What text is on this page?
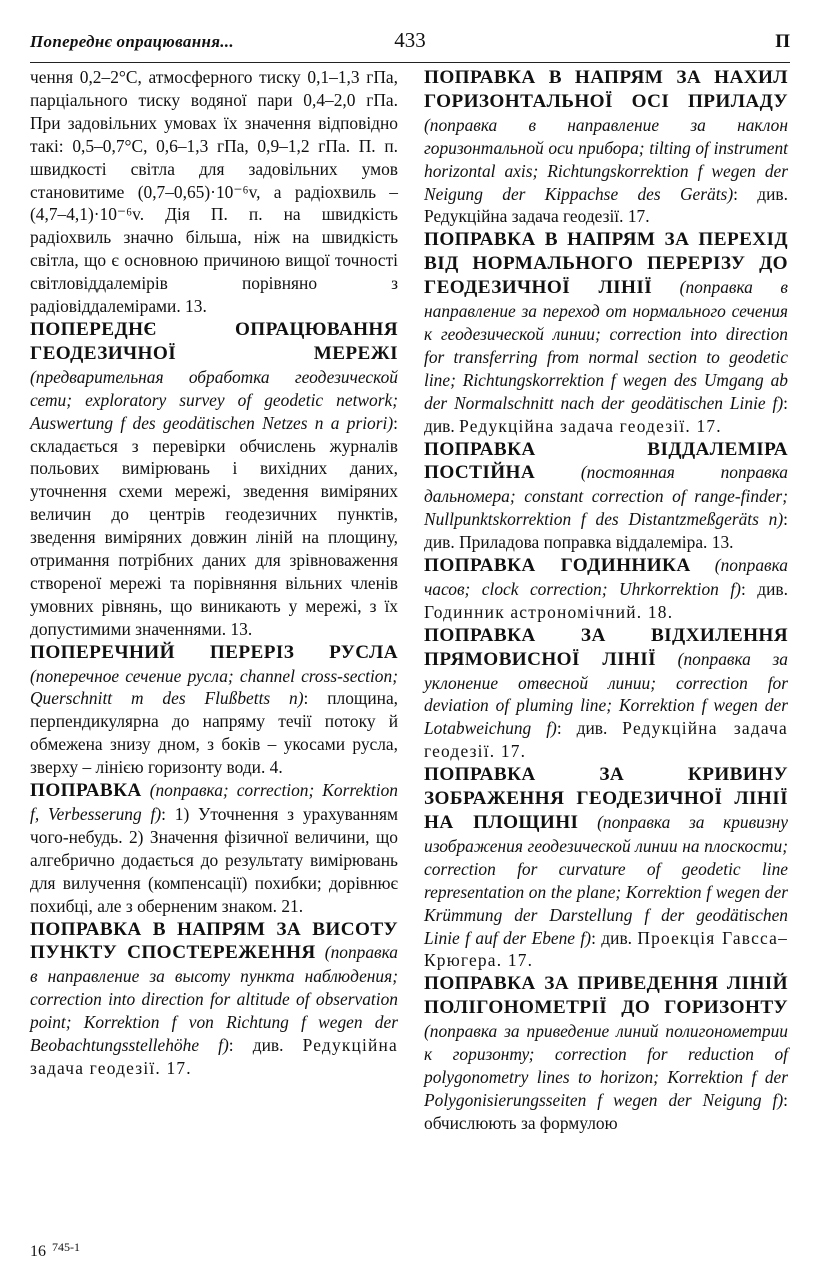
Попереднє опрацювання...	433	П

чення 0,2–2°С, атмосферного тиску 0,1–1,3 гПа, парціального тиску водяної пари 0,4–2,0 гПа. При задовільних умовах їх значення відповідно такі: 0,5–0,7°С, 0,6–1,3 гПа, 0,9–1,2 гПа. П. п. швидкості світла для задовільних умов становитиме (0,7–0,65)·10⁻⁶v, а радіохвиль – (4,7–4,1)·10⁻⁶v. Дія П. п. на швидкість радіохвиль значно більша, ніж на швидкість світла, що є основною причиною вищої точності світловіддалемірів порівняно з радіовіддалемірами. 13.

ПОПЕРЕДНЄ ОПРАЦЮВАННЯ ГЕОДЕЗИЧНОЇ МЕРЕЖІ (предварительная обработка геодезической сети; exploratory survey of geodetic network; Auswertung f des geodätischen Netzes n a priori): складається з перевірки обчислень журналів польових вимірювань і вихідних даних, уточнення схеми мережі, зведення виміряних величин до центрів геодезичних пунктів, зведення виміряних довжин ліній на площину, отримання потрібних даних для зрівноваження створеної мережі та порівняння вільних членів умовних рівнянь, що виникають у мережі, з їх допустимими значеннями. 13.

ПОПЕРЕЧНИЙ ПЕРЕРІЗ РУСЛА (поперечное сечение русла; channel cross-section; Querschnitt m des Flußbetts n): площина, перпендикулярна до напряму течії потоку й обмежена знизу дном, з боків – укосами русла, зверху – лінією горизонту води. 4.

ПОПРАВКА (поправка; correction; Korrektion f, Verbesserung f): 1) Уточнення з урахуванням чого-небудь. 2) Значення фізичної величини, що алгебрично додається до результату вимірювань для вилучення (компенсації) похибки; дорівнює похибці, але з оберненим знаком. 21.

ПОПРАВКА В НАПРЯМ ЗА ВИСОТУ ПУНКТУ СПОСТЕРЕЖЕННЯ (поправка в направление за высоту пункта наблюдения; correction into direction for altitude of observation point; Korrektion f von Richtung f wegen der Beobachtungsstellehöhe f): див. Редукційна задача геодезії. 17.

ПОПРАВКА В НАПРЯМ ЗА НАХИЛ ГОРИЗОНТАЛЬНОЇ ОСІ ПРИЛАДУ (поправка в направление за наклон горизонтальной оси прибора; tilting of instrument horizontal axis; Richtungskorrektion f wegen der Neigung der Kippachse des Geräts): див. Редукційна задача геодезії. 17.

ПОПРАВКА В НАПРЯМ ЗА ПЕРЕХІД ВІД НОРМАЛЬНОГО ПЕРЕРІЗУ ДО ГЕОДЕЗИЧНОЇ ЛІНІЇ (поправка в направление за переход от нормального сечения к геодезической линии; correction into direction for transferring from normal section to geodetic line; Richtungskorrektion f wegen des Umgang ab der Normalschnitt nach der geodätischen Linie f): див. Редукційна задача геодезії. 17.

ПОПРАВКА ВІДДАЛЕМІРА ПОСТІЙНА	(постоянная поправка дальномера; constant correction of range-finder; Nullpunktskorrektion f des Distantzmeßgeräts n): див. Приладова поправка віддалеміра. 13.

ПОПРАВКА ГОДИННИКА (поправка часов; clock correction; Uhrkorrektion f): див. Годинник астрономічний. 18.

ПОПРАВКА ЗА ВІДХИЛЕННЯ ПРЯМОВИСНОЇ ЛІНІЇ (поправка за уклонение отвесной линии; correction for deviation of pluming line; Korrektion f wegen der Lotabweichung f): див. Редукційна задача геодезії. 17.

ПОПРАВКА ЗА КРИВИНУ ЗОБРАЖЕННЯ ГЕОДЕЗИЧНОЇ ЛІНІЇ НА ПЛОЩИНІ (поправка за кривизну изображения геодезической линии на плоскости; correction for curvature of geodetic line representation on the plane; Korrektion f wegen der Krümmung der Darstellung f der geodätischen Linie f auf der Ebene f): див. Проекція Гавсса–Крюгера. 17.

ПОПРАВКА ЗА ПРИВЕДЕННЯ ЛІНІЙ ПОЛІГОНОМЕТРІЇ ДО ГОРИЗОНТУ (поправка за приведение линий полигонометрии к горизонту; correction for reduction of polygonometry lines to horizon; Korrektion f der Polygonisierungsseiten f wegen der Neigung f): обчислюють за формулою

16 $^{745-1}$
